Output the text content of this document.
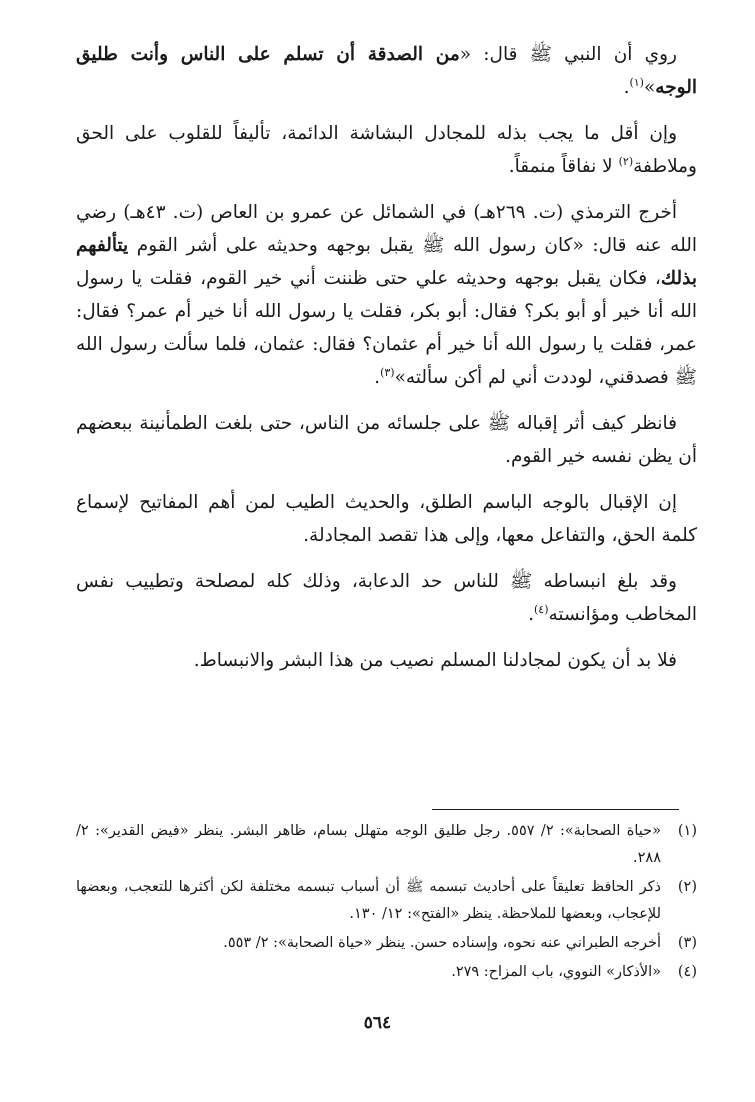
روي أن النبي ﷺ قال: «من الصدقة أن تسلم على الناس وأنت طليق الوجه»$^{(١)}$.

وإن أقل ما يجب بذله للمجادل البشاشة الدائمة، تأليفاً للقلوب على الحق وملاطفة$^{(٢)}$ لا نفاقاً منمقاً.

أخرج الترمذي (ت. ٢٦٩هـ) في الشمائل عن عمرو بن العاص (ت. ٤٣هـ) رضي الله عنه قال: «كان رسول الله ﷺ يقبل بوجهه وحديثه على أشر القوم يتألفهم بذلك، فكان يقبل بوجهه وحديثه علي حتى ظننت أني خير القوم، فقلت يا رسول الله أنا خير أو أبو بكر؟ فقال: أبو بكر، فقلت يا رسول الله أنا خير أم عمر؟ فقال: عمر، فقلت يا رسول الله أنا خير أم عثمان؟ فقال: عثمان، فلما سألت رسول الله ﷺ فصدقني، لوددت أني لم أكن سألته»$^{(٣)}$.

فانظر كيف أثر إقباله ﷺ على جلسائه من الناس، حتى بلغت الطمأنينة ببعضهم أن يظن نفسه خير القوم.

إن الإقبال بالوجه الباسم الطلق، والحديث الطيب لمن أهم المفاتيح لإسماع كلمة الحق، والتفاعل معها، وإلى هذا تقصد المجادلة.

وقد بلغ انبساطه ﷺ للناس حد الدعابة، وذلك كله لمصلحة وتطييب نفس المخاطب ومؤانسته$^{(٤)}$.

فلا بد أن يكون لمجادلنا المسلم نصيب من هذا البشر والانبساط.

(١)
«حياة الصحابة»: ٢/ ٥٥٧. رجل طليق الوجه متهلل بسام، ظاهر البشر. ينظر «فيض القدير»: ٢/ ٢٨٨.
(٢)
ذكر الحافظ تعليقاً على أحاديث تبسمه ﷺ أن أسباب تبسمه مختلفة لكن أكثرها للتعجب، وبعضها للإعجاب، وبعضها للملاحظة. ينظر «الفتح»: ١٢/ ١٣٠.
(٣)
أخرجه الطبراني عنه نحوه، وإسناده حسن. ينظر «حياة الصحابة»: ٢/ ٥٥٣.
(٤)
«الأذكار» النووي، باب المزاح: ٢٧٩.
٥٦٤
